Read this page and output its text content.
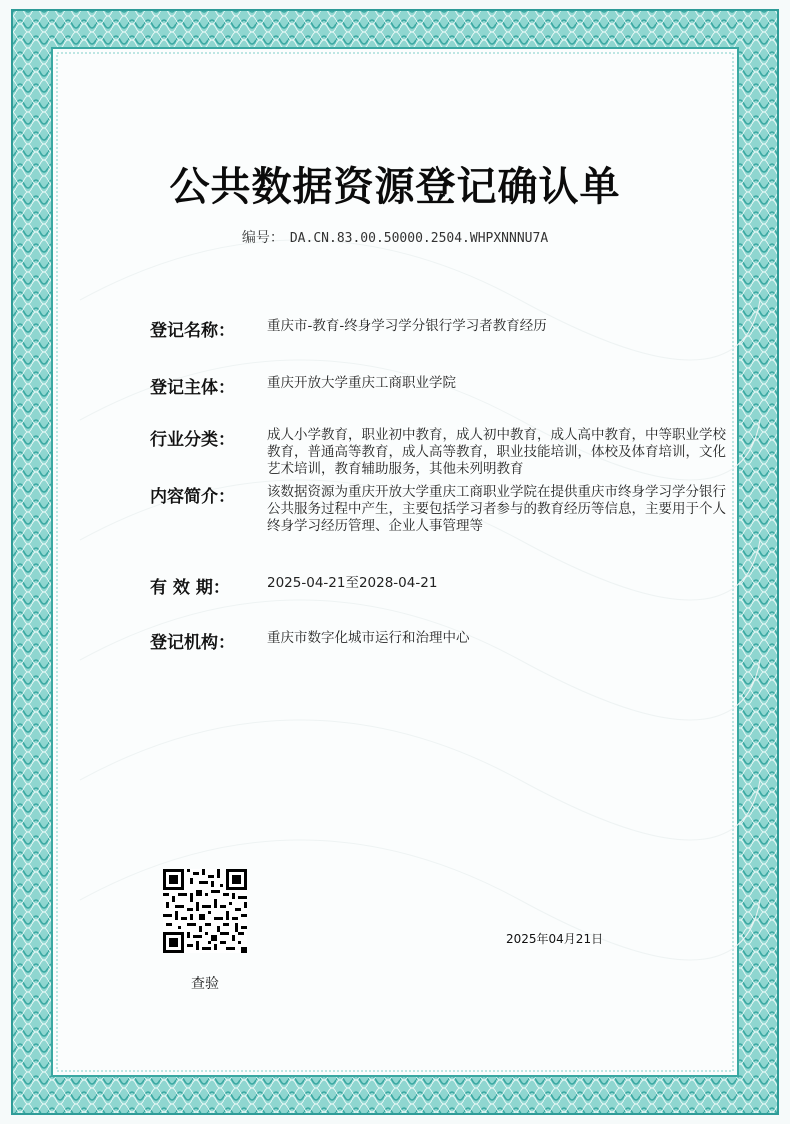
公共数据资源登记确认单
编号： DA.CN.83.00.50000.2504.WHPXNNNU7A
登记名称：	重庆市-教育-终身学习学分银行学习者教育经历
登记主体：	重庆开放大学重庆工商职业学院
行业分类：	成人小学教育，职业初中教育，成人初中教育，成人高中教育，中等职业学校教育，普通高等教育，成人高等教育，职业技能培训，体校及体育培训，文化艺术培训，教育辅助服务，其他未列明教育
内容简介：	该数据资源为重庆开放大学重庆工商职业学院在提供重庆市终身学习学分银行公共服务过程中产生，主要包括学习者参与的教育经历等信息，主要用于个人终身学习经历管理、企业人事管理等
有 效 期：	2025-04-21至2028-04-21
登记机构：	重庆市数字化城市运行和治理中心
查验
2025年04月21日
